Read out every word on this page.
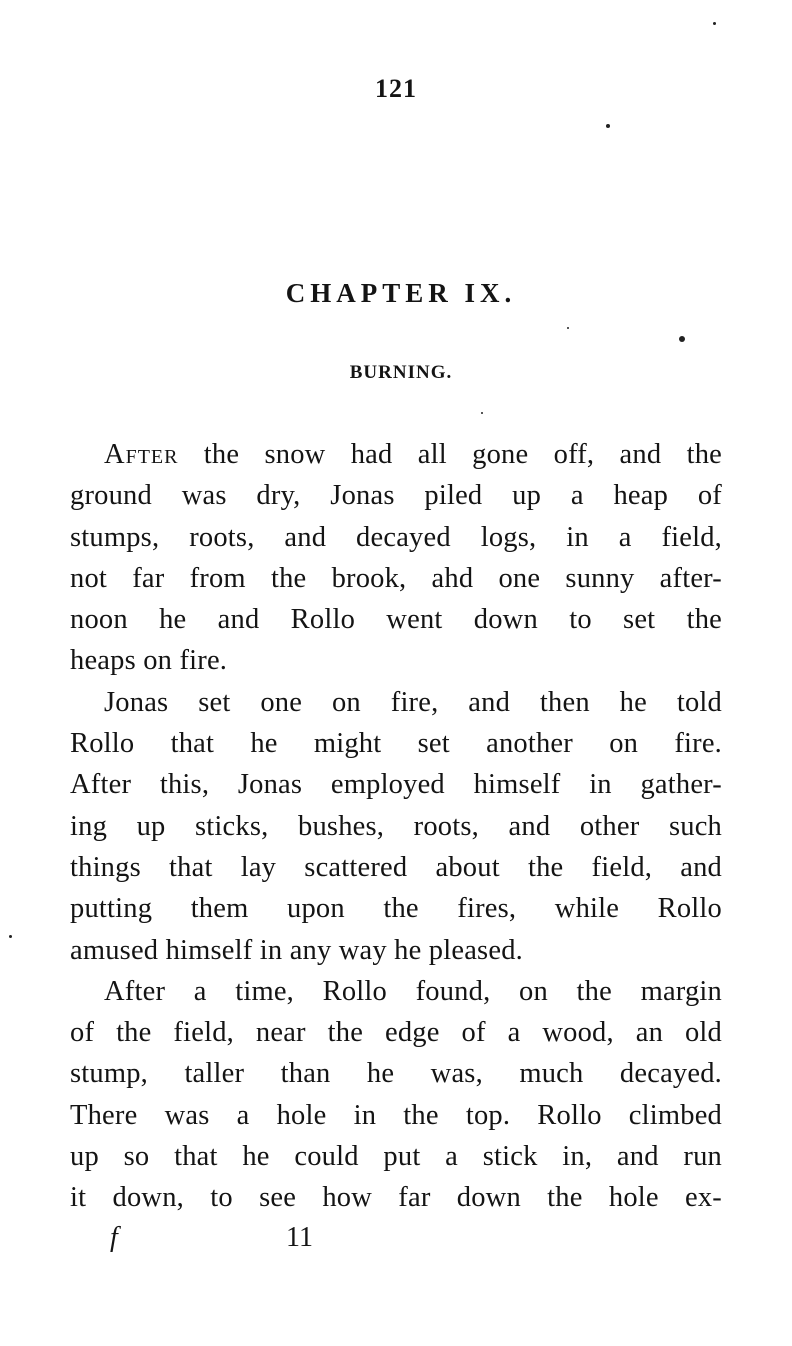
121
CHAPTER IX.
BURNING.
After the snow had all gone off, and the
ground was dry, Jonas piled up a heap of
stumps, roots, and decayed logs, in a field,
not far from the brook, ahd one sunny after-
noon he and Rollo went down to set the
heaps on fire.
Jonas set one on fire, and then he told
Rollo that he might set another on fire.
After this, Jonas employed himself in gather-
ing up sticks, bushes, roots, and other such
things that lay scattered about the field, and
putting them upon the fires, while Rollo
amused himself in any way he pleased.
After a time, Rollo found, on the margin
of the field, near the edge of a wood, an old
stump, taller than he was, much decayed.
There was a hole in the top. Rollo climbed
up so that he could put a stick in, and run
it down, to see how far down the hole ex-
f	11
